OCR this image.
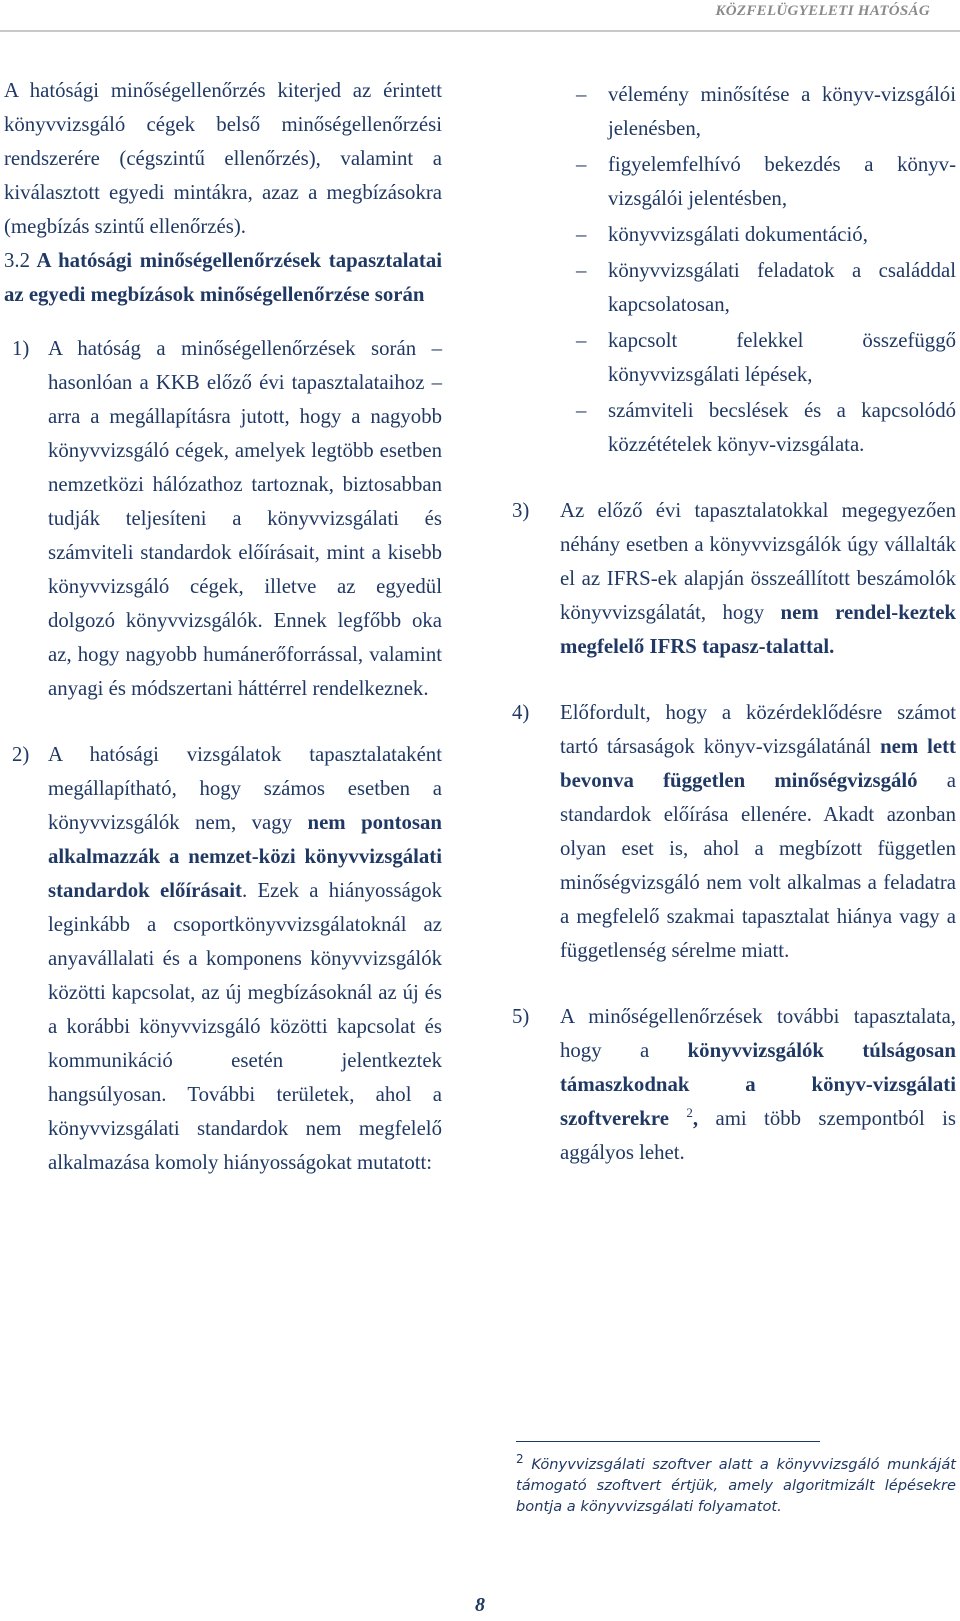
KÖZFELÜGYELETI HATÓSÁG

A hatósági minőségellenőrzés kiterjed az érintett könyvvizsgáló cégek belső minőségellenőrzési rendszerére (cégszintű ellenőrzés), valamint a kiválasztott egyedi mintákra, azaz a megbízásokra (megbízás szintű ellenőrzés).

3.2 A hatósági minőségellenőrzések tapasztalatai az egyedi megbízások minőségellenőrzése során

1) A hatóság a minőségellenőrzések során – hasonlóan a KKB előző évi tapasztalataihoz – arra a megállapításra jutott, hogy a nagyobb könyvvizsgáló cégek, amelyek legtöbb esetben nemzetközi hálózathoz tartoznak, biztosabban tudják teljesíteni a könyvvizsgálati és számviteli standardok előírásait, mint a kisebb könyvvizsgáló cégek, illetve az egyedül dolgozó könyvvizsgálók. Ennek legfőbb oka az, hogy nagyobb humánerőforrással, valamint anyagi és módszertani háttérrel rendelkeznek.
2) A hatósági vizsgálatok tapasztalataként megállapítható, hogy számos esetben a könyvvizsgálók nem, vagy nem pontosan alkalmazzák a nemzet-közi könyvvizsgálati standardok előírásait. Ezek a hiányosságok leginkább a csoportkönyvvizsgálatoknál az anyavállalati és a komponens könyvvizsgálók közötti kapcsolat, az új megbízásoknál az új és a korábbi könyvvizsgáló közötti kapcsolat és kommunikáció esetén jelentkeztek hangsúlyosan. További területek, ahol a könyvvizsgálati standardok nem megfelelő alkalmazása komoly hiányosságokat mutatott:
– vélemény minősítése a könyv-vizsgálói jelenésben,
– figyelemfelhívó bekezdés a könyv-vizsgálói jelentésben,
– könyvvizsgálati dokumentáció,
– könyvvizsgálati feladatok a családdal kapcsolatosan,
– kapcsolt felekkel összefüggő könyvvizsgálati lépések,
– számviteli becslések és a kapcsolódó közzétételek könyv-vizsgálata.
3) Az előző évi tapasztalatokkal megegyezően néhány esetben a könyvvizsgálók úgy vállalták el az IFRS-ek alapján összeállított beszámolók könyvvizsgálatát, hogy nem rendel-keztek megfelelő IFRS tapasz-talattal.
4) Előfordult, hogy a közérdeklődésre számot tartó társaságok könyv-vizsgálatánál nem lett bevonva független minőségvizsgáló a standardok előírása ellenére. Akadt azonban olyan eset is, ahol a megbízott független minőségvizsgáló nem volt alkalmas a feladatra a megfelelő szakmai tapasztalat hiánya vagy a függetlenség sérelme miatt.
5) A minőségellenőrzések további tapasztalata, hogy a könyvvizsgálók túlságosan támaszkodnak a könyv-vizsgálati szoftverekre $^2$, ami több szempontból is aggályos lehet.
$^2$ Könyvvizsgálati szoftver alatt a könyvvizsgáló munkáját támogató szoftvert értjük, amely algoritmizált lépésekre bontja a könyvvizsgálati folyamatot.
8
